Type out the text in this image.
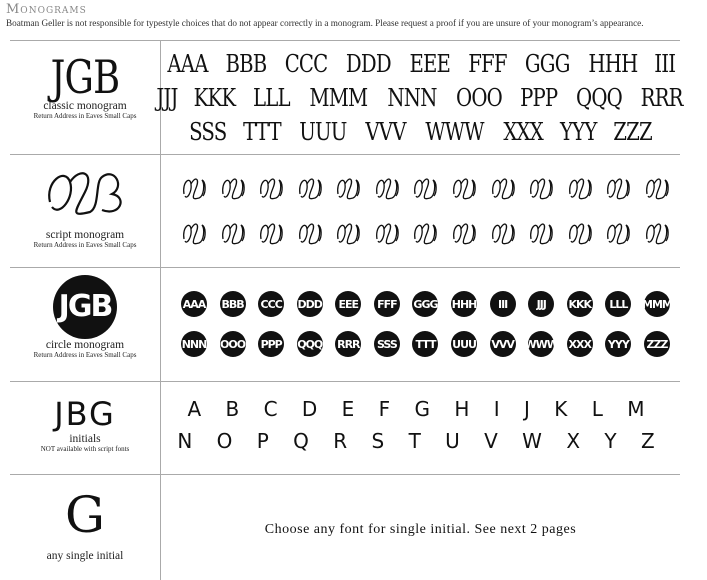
Monograms
Boatman Geller is not responsible for typestyle choices that do not appear correctly in a monogram. Please request a proof if you are unsure of your monogram’s appearance.
JGB
classic monogram
Return Address in Eaves Small Caps
AAA BBB CCC DDD EEE FFF GGG HHH III
JJJ KKK LLL MMM NNN OOO PPP QQQ RRR
SSS TTT UUU VVV WWW XXX YYY ZZZ
script monogram
Return Address in Eaves Small Caps
JGB
circle monogram
Return Address in Eaves Small Caps
AAA BBB CCC DDD EEE FFF GGG HHH	III	JJJ	KKK	LLL	MMM
NNN OOO PPP QQQ RRR SSS TTT UUU VVV WWW XXX YYY ZZZ
JBG
initials
NOT available with script fonts
A B C D E F G H I J K L M
N O P Q R S T U V W X Y Z
G
any single initial
Choose any font for single initial. See next 2 pages
